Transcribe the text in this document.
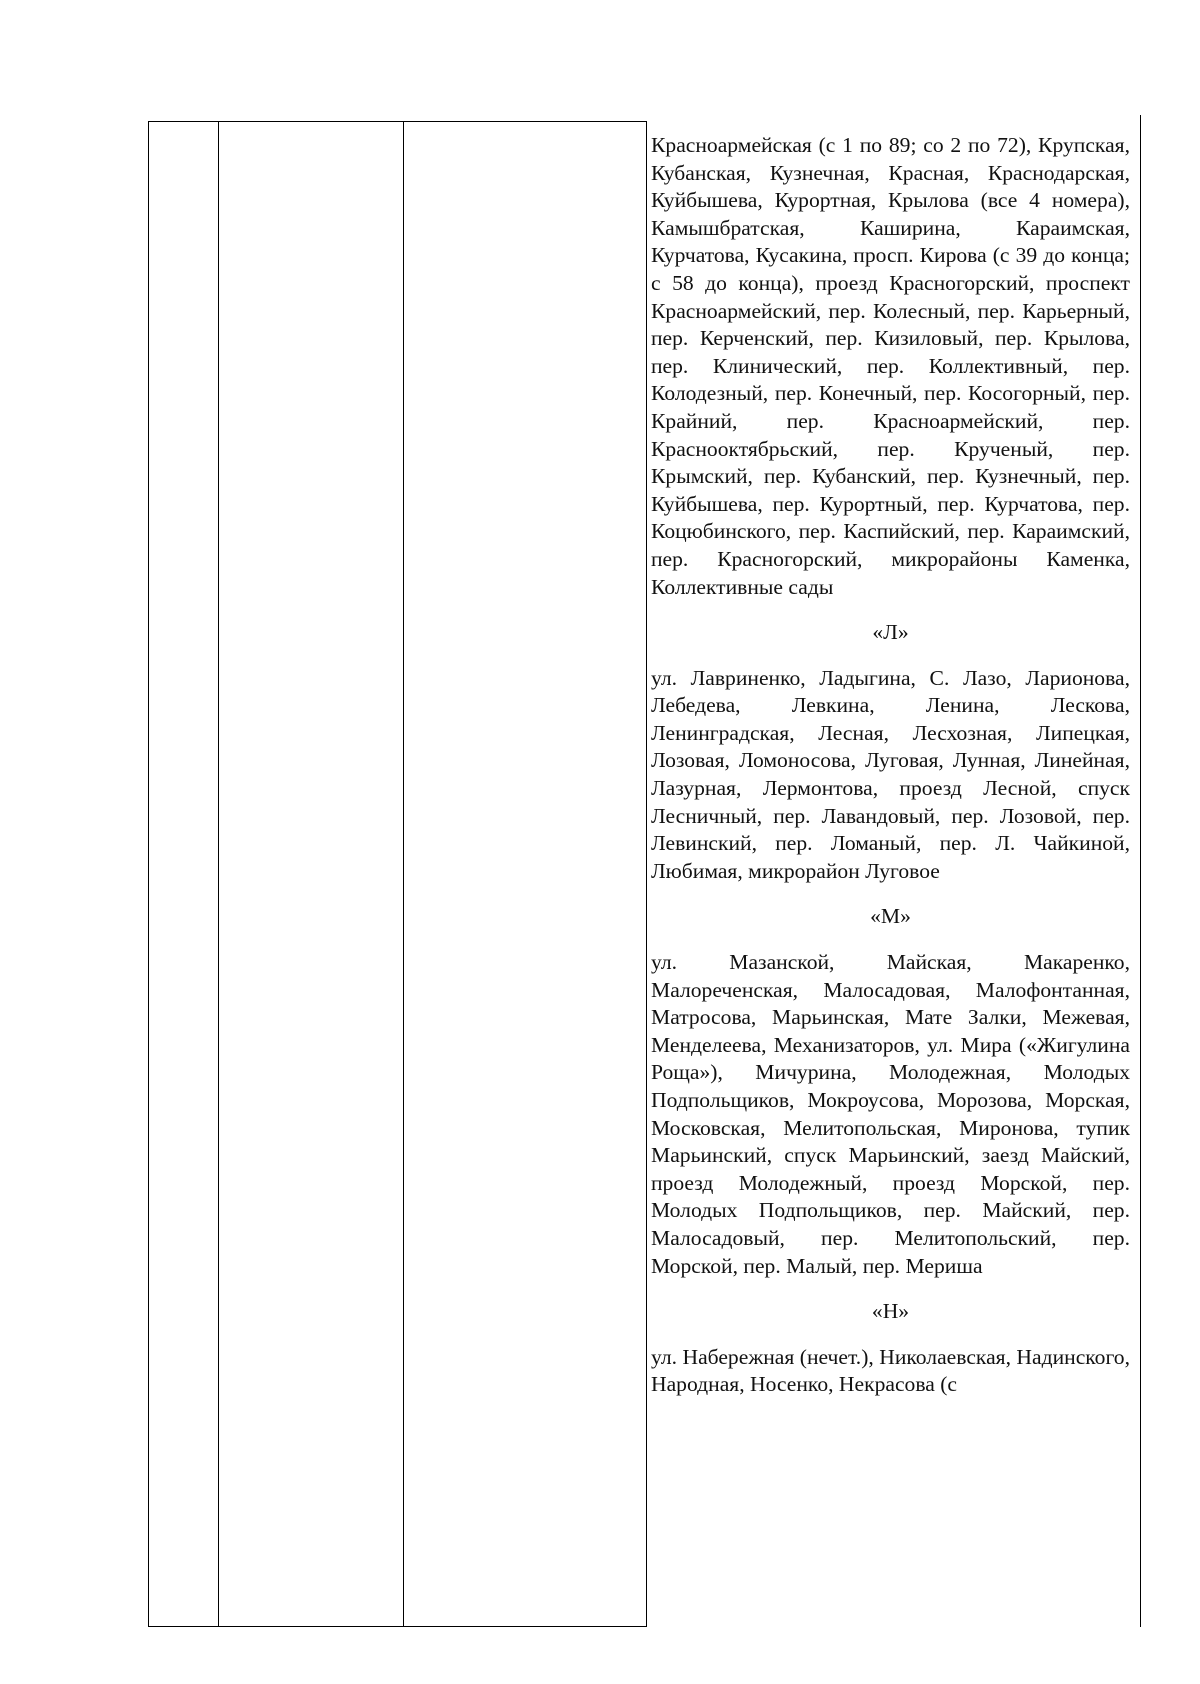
Красноармейская (с 1 по 89; со 2 по 72), Крупская, Кубанская, Кузнечная, Красная, Краснодарская, Куйбышева, Курортная, Крылова (все 4 номера), Камышбратская, Каширина, Караимская, Курчатова, Кусакина, просп. Кирова (с 39 до конца; с 58 до конца), проезд Красногорский, проспект Красноармейский, пер. Колесный, пер. Карьерный, пер. Керченский, пер. Кизиловый, пер. Крылова, пер. Клинический, пер. Коллективный, пер. Колодезный, пер. Конечный, пер. Косогорный, пер. Крайний, пер. Красноармейский, пер. Краснооктябрьский, пер. Крученый, пер. Крымский, пер. Кубанский, пер. Кузнечный, пер. Куйбышева, пер. Курортный, пер. Курчатова, пер. Коцюбинского, пер. Каспийский, пер. Караимский, пер. Красногорский, микрорайоны Каменка, Коллективные сады

«Л»

ул. Лавриненко, Ладыгина, С. Лазо, Ларионова, Лебедева, Левкина, Ленина, Лескова, Ленинградская, Лесная, Лесхозная, Липецкая, Лозовая, Ломоносова, Луговая, Лунная, Линейная, Лазурная, Лермонтова, проезд Лесной, спуск Лесничный, пер. Лавандовый, пер. Лозовой, пер. Левинский, пер. Ломаный, пер. Л. Чайкиной, Любимая, микрорайон Луговое

«М»

ул. Мазанской, Майская, Макаренко, Малореченская, Малосадовая, Малофонтанная, Матросова, Марьинская, Мате Залки, Межевая, Менделеева, Механизаторов, ул. Мира («Жигулина Роща»), Мичурина, Молодежная, Молодых Подпольщиков, Мокроусова, Морозова, Морская, Московская, Мелитопольская, Миронова, тупик Марьинский, спуск Марьинский, заезд Майский, проезд Молодежный, проезд Морской, пер. Молодых Подпольщиков, пер. Майский, пер. Малосадовый, пер. Мелитопольский, пер. Морской, пер. Малый, пер. Мериша

«Н»

ул. Набережная (нечет.), Николаевская, Надинского, Народная, Носенко, Некрасова (с
